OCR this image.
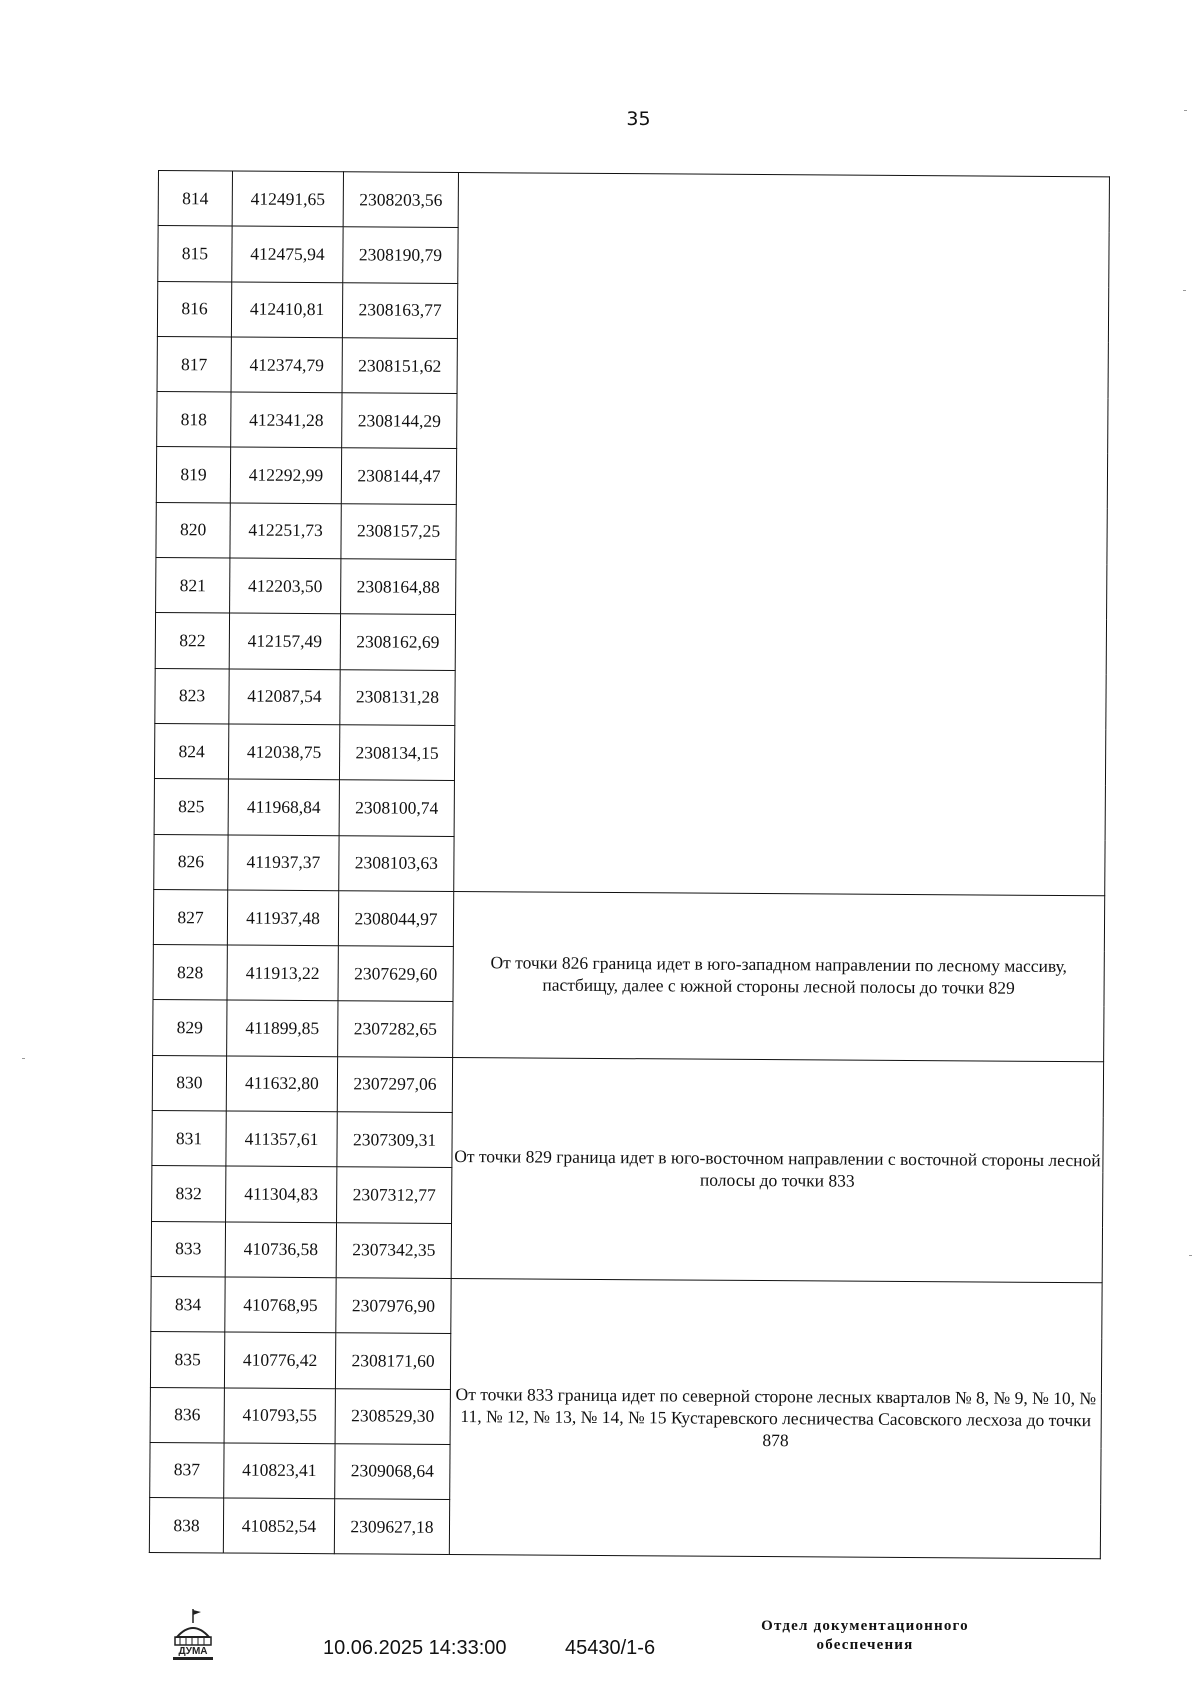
35
814	412491,65	2308203,56	
815	412475,94	2308190,79	
816	412410,81	2308163,77	
817	412374,79	2308151,62	
818	412341,28	2308144,29	
819	412292,99	2308144,47	
820	412251,73	2308157,25	
821	412203,50	2308164,88	
822	412157,49	2308162,69	
823	412087,54	2308131,28	
824	412038,75	2308134,15	
825	411968,84	2308100,74	
826	411937,37	2308103,63	
827	411937,48	2308044,97	От точки 826 граница идет в юго-западном направлении по лесному массиву, пастбищу, далее с южной стороны лесной полосы до точки 829
828	411913,22	2307629,60	
829	411899,85	2307282,65	
830	411632,80	2307297,06	От точки 829 граница идет в юго-восточном направлении с восточной стороны лесной полосы до точки 833
831	411357,61	2307309,31	
832	411304,83	2307312,77	
833	410736,58	2307342,35	
834	410768,95	2307976,90	От точки 833 граница идет по северной стороне лесных кварталов № 8, № 9, № 10, № 11, № 12, № 13, № 14, № 15 Кустаревского лесничества Сасовского лесхоза до точки 878
835	410776,42	2308171,60	
836	410793,55	2308529,30	
837	410823,41	2309068,64	
838	410852,54	2309627,18	
ДУМА	10.06.2025 14:33:00	45430/1-6
Отдел документационного обеспечения
